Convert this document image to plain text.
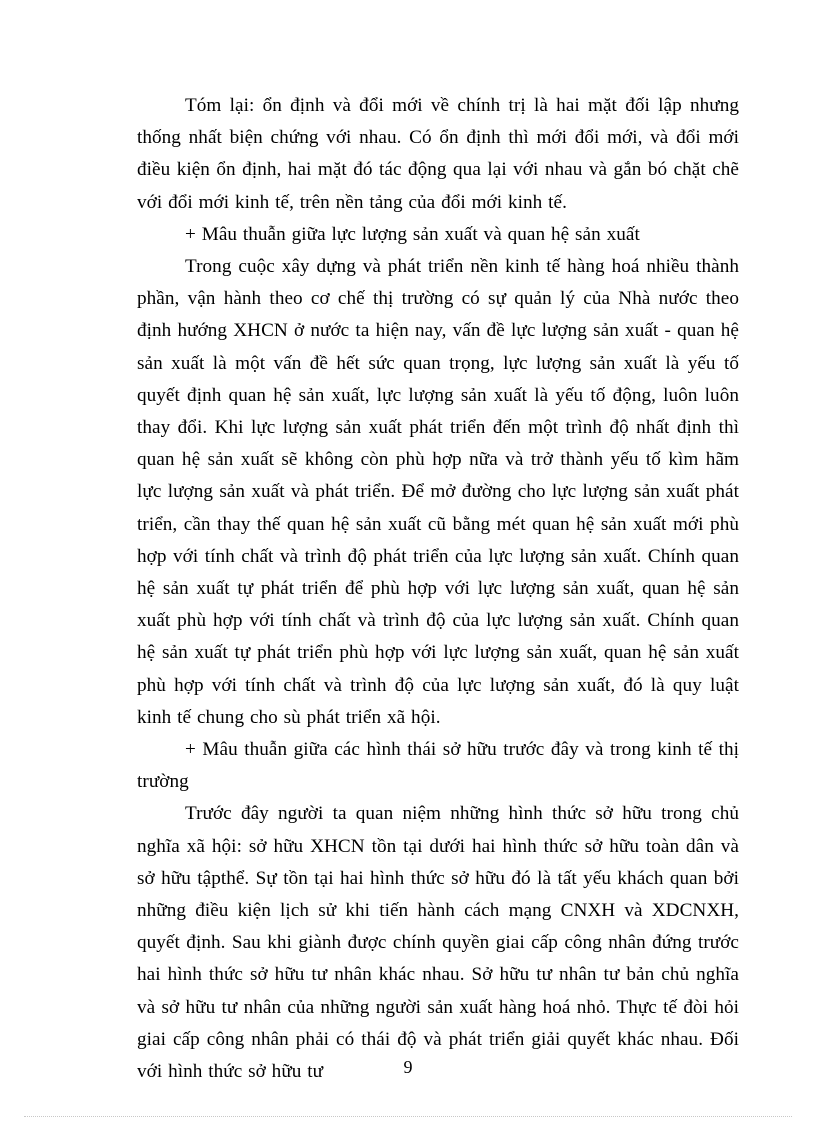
Tóm lại: ổn định và đổi mới về chính trị là hai mặt đối lập nhưng thống nhất biện chứng với nhau. Có ổn định thì mới đổi mới, và đổi mới điều kiện ổn định, hai mặt đó tác động qua lại với nhau và gắn bó chặt chẽ với đổi mới kinh tế, trên nền tảng của đổi mới kinh tế.

+ Mâu thuẫn giữa lực lượng sản xuất và quan hệ sản xuất

Trong cuộc xây dựng và phát triển nền kinh tế hàng hoá nhiều thành phần, vận hành theo cơ chế thị trường có sự quản lý của Nhà nước theo định hướng XHCN ở nước ta hiện nay, vấn đề lực lượng sản xuất - quan hệ sản xuất là một vấn đề hết sức quan trọng, lực lượng sản xuất là yếu tố quyết định quan hệ sản xuất, lực lượng sản xuất là yếu tố động, luôn luôn thay đổi. Khi lực lượng sản xuất phát triển đến một trình độ nhất định thì quan hệ sản xuất sẽ không còn phù hợp nữa và trở thành yếu tố kìm hãm lực lượng sản xuất và phát triển. Để mở đường cho lực lượng sản xuất phát triển, cần thay thế quan hệ sản xuất cũ bằng mét quan hệ sản xuất mới phù hợp với tính chất và trình độ phát triển của lực lượng sản xuất. Chính quan hệ sản xuất tự phát triển để phù hợp với lực lượng sản xuất, quan hệ sản xuất phù hợp với tính chất và trình độ của lực lượng sản xuất. Chính quan hệ sản xuất tự phát triển phù hợp với lực lượng sản xuất, quan hệ sản xuất phù hợp với tính chất và trình độ của lực lượng sản xuất, đó là quy luật kinh tế chung cho sù phát triển xã hội.

+ Mâu thuẫn giữa các hình thái sở hữu trước đây và trong kinh tế thị trường

Trước đây người ta quan niệm những hình thức sở hữu trong chủ nghĩa xã hội: sở hữu XHCN tồn tại dưới hai hình thức sở hữu toàn dân và sở hữu tậpthể. Sự tồn tại hai hình thức sở hữu đó là tất yếu khách quan bởi những điều kiện lịch sử khi tiến hành cách mạng CNXH và XDCNXH, quyết định. Sau khi giành được chính quyền giai cấp công nhân đứng trước hai hình thức sở hữu tư nhân khác nhau. Sở hữu tư nhân tư bản chủ nghĩa và sở hữu tư nhân của những người sản xuất hàng hoá nhỏ. Thực tế đòi hỏi giai cấp công nhân phải có thái độ và phát triển giải quyết khác nhau. Đối với hình thức sở hữu tư	9
